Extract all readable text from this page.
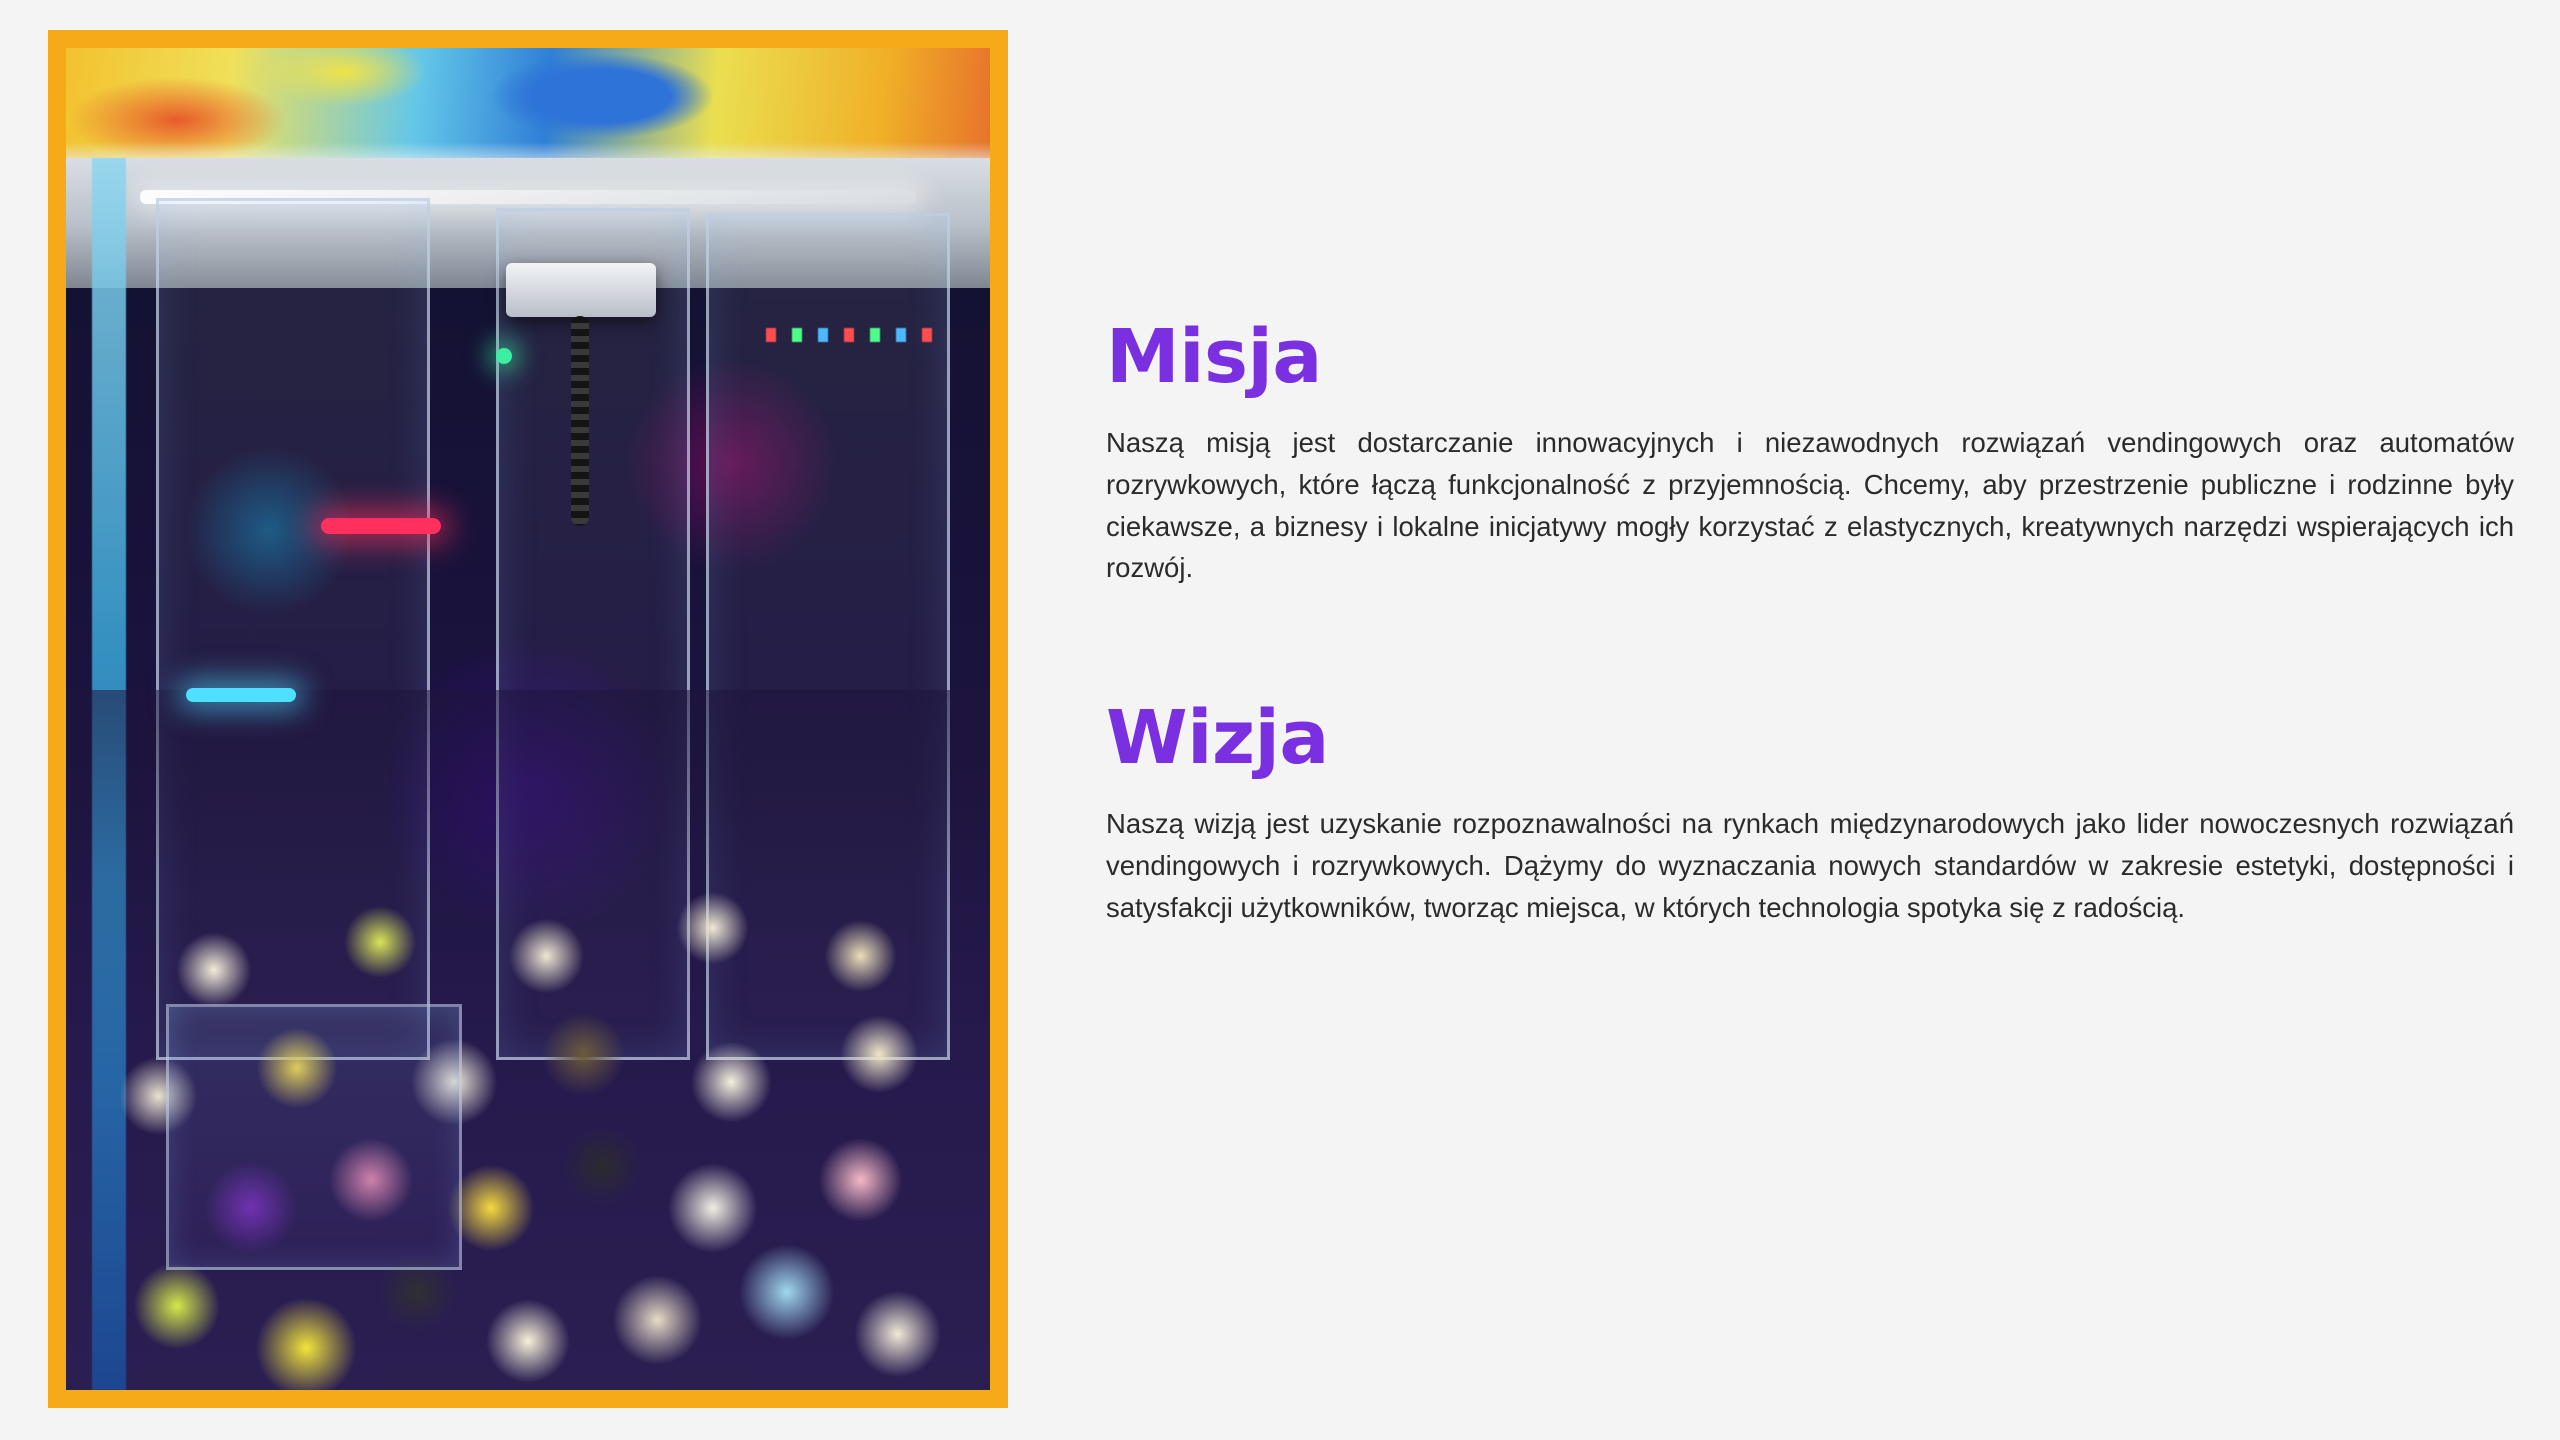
Misja

Naszą misją jest dostarczanie innowacyjnych i niezawodnych rozwiązań vendingowych oraz automatów rozrywkowych, które łączą funkcjonalność z przyjemnością. Chcemy, aby przestrzenie publiczne i rodzinne były ciekawsze, a biznesy i lokalne inicjatywy mogły korzystać z elastycznych, kreatywnych narzędzi wspierających ich rozwój.

Wizja

Naszą wizją jest uzyskanie rozpoznawalności na rynkach międzynarodowych jako lider nowoczesnych rozwiązań vendingowych i rozrywkowych. Dążymy do wyznaczania nowych standardów w zakresie estetyki, dostępności i satysfakcji użytkowników, tworząc miejsca, w których technologia spotyka się z radością.
